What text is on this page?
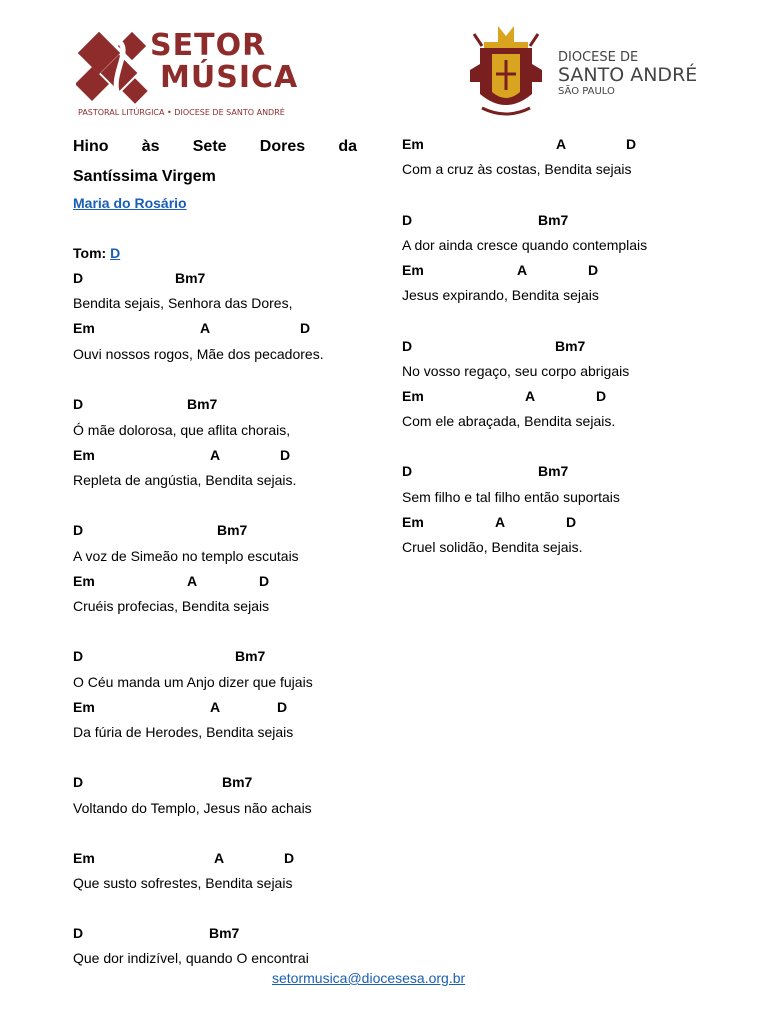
SETOR
MÚSICA
PASTORAL LITÚRGICA • DIOCESE DE SANTO ANDRÉ
DIOCESE DE
SANTO ANDRÉ
SÃO PAULO
Hino às Sete Dores da
Santíssima Virgem
Maria do Rosário
Tom: D
D	Bm7
Bendita sejais, Senhora das Dores,
Em	A	D
Ouvi nossos rogos, Mãe dos pecadores.
D	Bm7
Ó mãe dolorosa, que aflita chorais,
Em	A	D
Repleta de angústia, Bendita sejais.
D	Bm7
A voz de Simeão no templo escutais
Em	A	D
Cruéis profecias, Bendita sejais
D	Bm7
O Céu manda um Anjo dizer que fujais
Em	A	D
Da fúria de Herodes, Bendita sejais
D	Bm7
Voltando do Templo, Jesus não achais
Em	A	D
Que susto sofrestes, Bendita sejais
D	Bm7
Que dor indizível, quando O encontrai
Em	A	D
Com a cruz às costas, Bendita sejais
D	Bm7
A dor ainda cresce quando contemplais
Em	A	D
Jesus expirando, Bendita sejais
D	Bm7
No vosso regaço, seu corpo abrigais
Em	A	D
Com ele abraçada, Bendita sejais.
D	Bm7
Sem filho e tal filho então suportais
Em	A	D
Cruel solidão, Bendita sejais.
setormusica@diocesesa.org.br
